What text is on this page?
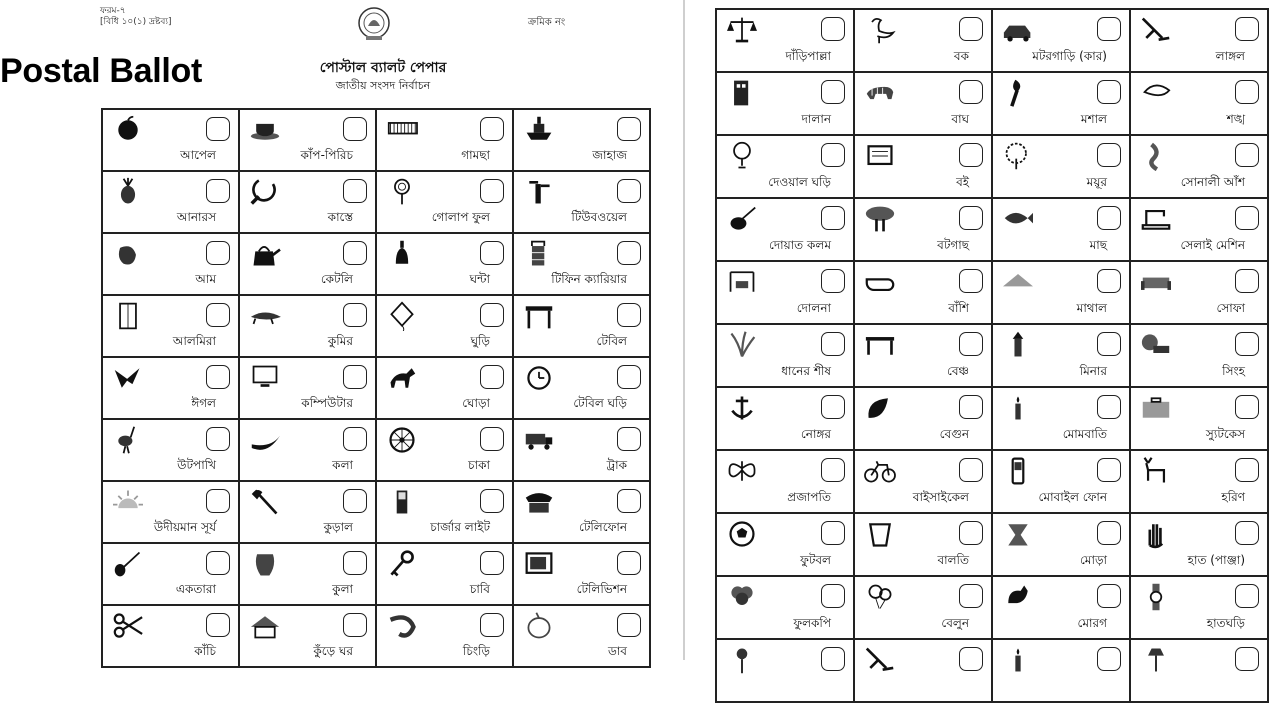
ফরম-৭
[বিধি ১০(১) দ্রষ্টব্য]	ক্রমিক নং
Postal Ballot	পোস্টাল ব্যালট পেপার
জাতীয় সংসদ নির্বাচন
আপেল	কাঁপ-পিরিচ	গামছা	জাহাজ
আনারস	কাস্তে	গোলাপ ফুল	টিউবওয়েল
আম	কেটলি	ঘন্টা	টিফিন ক্যারিয়ার
আলমিরা	কুমির	ঘুড়ি	টেবিল
ঈগল	কম্পিউটার	ঘোড়া	টেবিল ঘড়ি
উটপাখি	কলা	চাকা	ট্রাক
উদীয়মান সূর্য	কুড়াল	চার্জার লাইট	টেলিফোন
একতারা	কুলা	চাবি	টেলিভিশন
কাঁচি	কুঁড়ে ঘর	চিংড়ি	ডাব
দাঁড়িপাল্লা	বক	মটরগাড়ি (কার)	লাঙ্গল
দালান	বাঘ	মশাল	শঙ্খ
দেওয়াল ঘড়ি	বই	ময়ূর	সোনালী আঁশ
দোয়াত কলম	বটগাছ	মাছ	সেলাই মেশিন
দোলনা	বাঁশি	মাথাল	সোফা
ধানের শীষ	বেঞ্চ	মিনার	সিংহ
নোঙ্গর	বেগুন	মোমবাতি	স্যুটকেস
প্রজাপতি	বাইসাইকেল	মোবাইল ফোন	হরিণ
ফুটবল	বালতি	মোড়া	হাত (পাঞ্জা)
ফুলকপি	বেলুন	মোরগ	হাতঘড়ি
